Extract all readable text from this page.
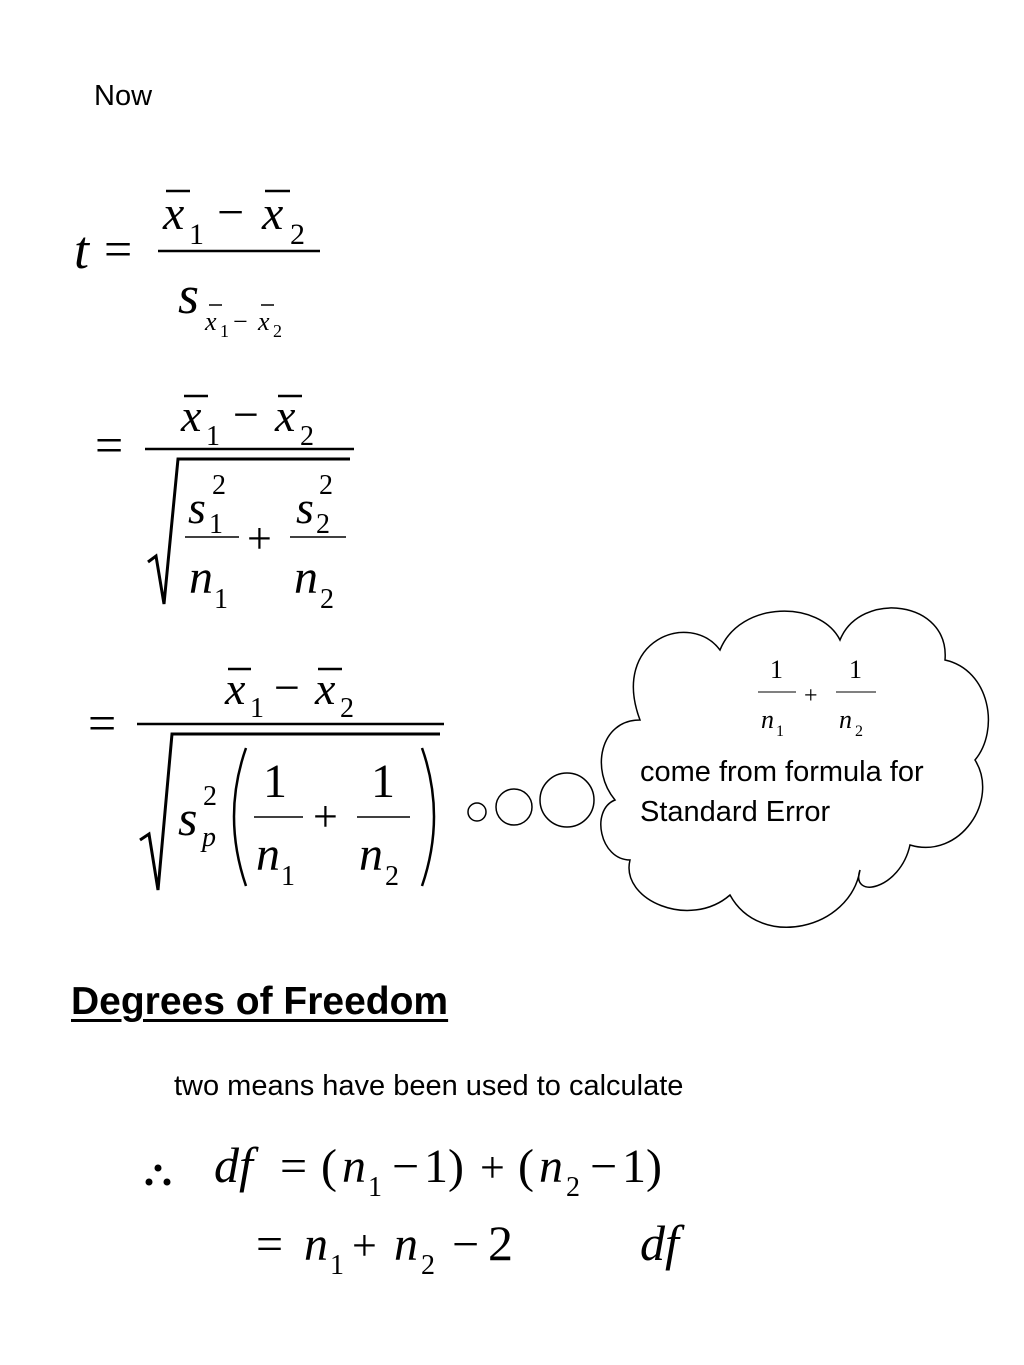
Now
t =
x 1 − x 2
s x 1 − x 2
=
x 1 − x 2
s 2
1
n 1
+
s 2
2
n 2
=
x 1 − x 2
s 2
p
1
n 1
+
1
n 2
1
n 1
+
1
n 2
come from formula for
Standard Error
Degrees of Freedom
two means have been used to calculate
df = ( n 1 − 1) + ( n 2 − 1)
= n 1 + n 2 − 2	df
